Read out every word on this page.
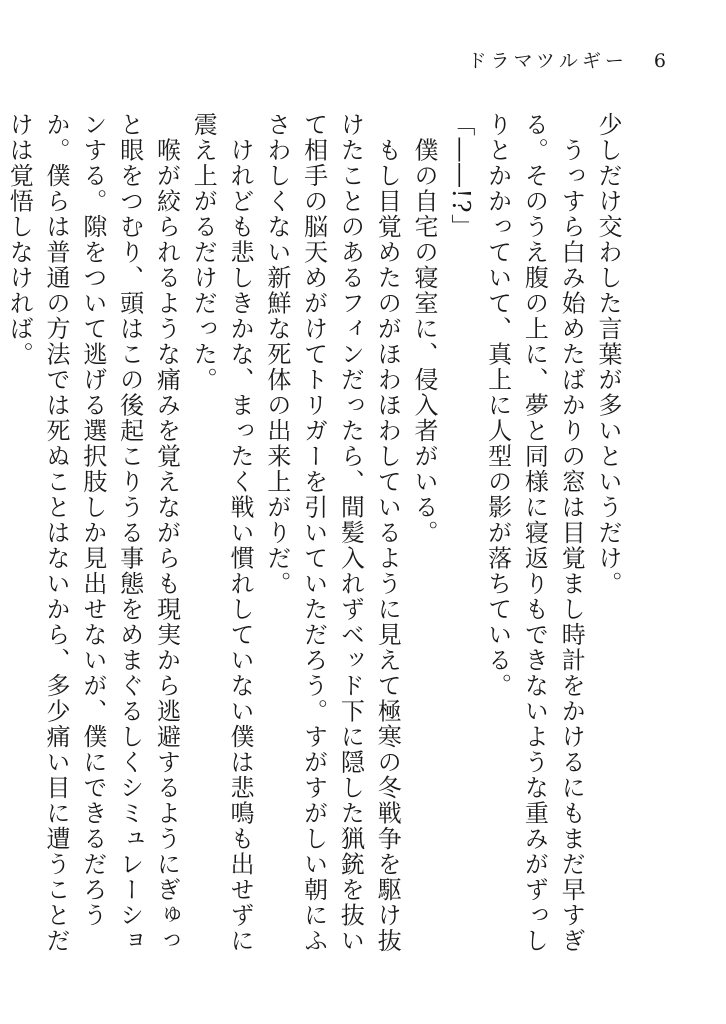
ドラマツルギー 6

少しだけ交わした言葉が多いというだけ。

　うっすら白み始めたばかりの窓は目覚まし時計をかけるにもまだ早すぎる。そのうえ腹の上に、夢と同様に寝返りもできないような重みがずっしりとかかっていて、真上に人型の影が落ちている。

「――!?」

　僕の自宅の寝室に、侵入者がいる。

　もし目覚めたのがほわほわしているように見えて極寒の冬戦争を駆け抜けたことのあるフィンだったら、間髪入れずベッド下に隠した猟銃を抜いて相手の脳天めがけてトリガーを引いていただろう。すがすがしい朝にふさわしくない新鮮な死体の出来上がりだ。

　けれども悲しきかな、まったく戦い慣れしていない僕は悲鳴も出せずに震え上がるだけだった。

　喉が絞られるような痛みを覚えながらも現実から逃避するようにぎゅっと眼をつむり、頭はこの後起こりうる事態をめまぐるしくシミュレーションする。隙をついて逃げる選択肢しか見出せないが、僕にできるだろうか。僕らは普通の方法では死ぬことはないから、多少痛い目に遭うことだけは覚悟しなければ。
